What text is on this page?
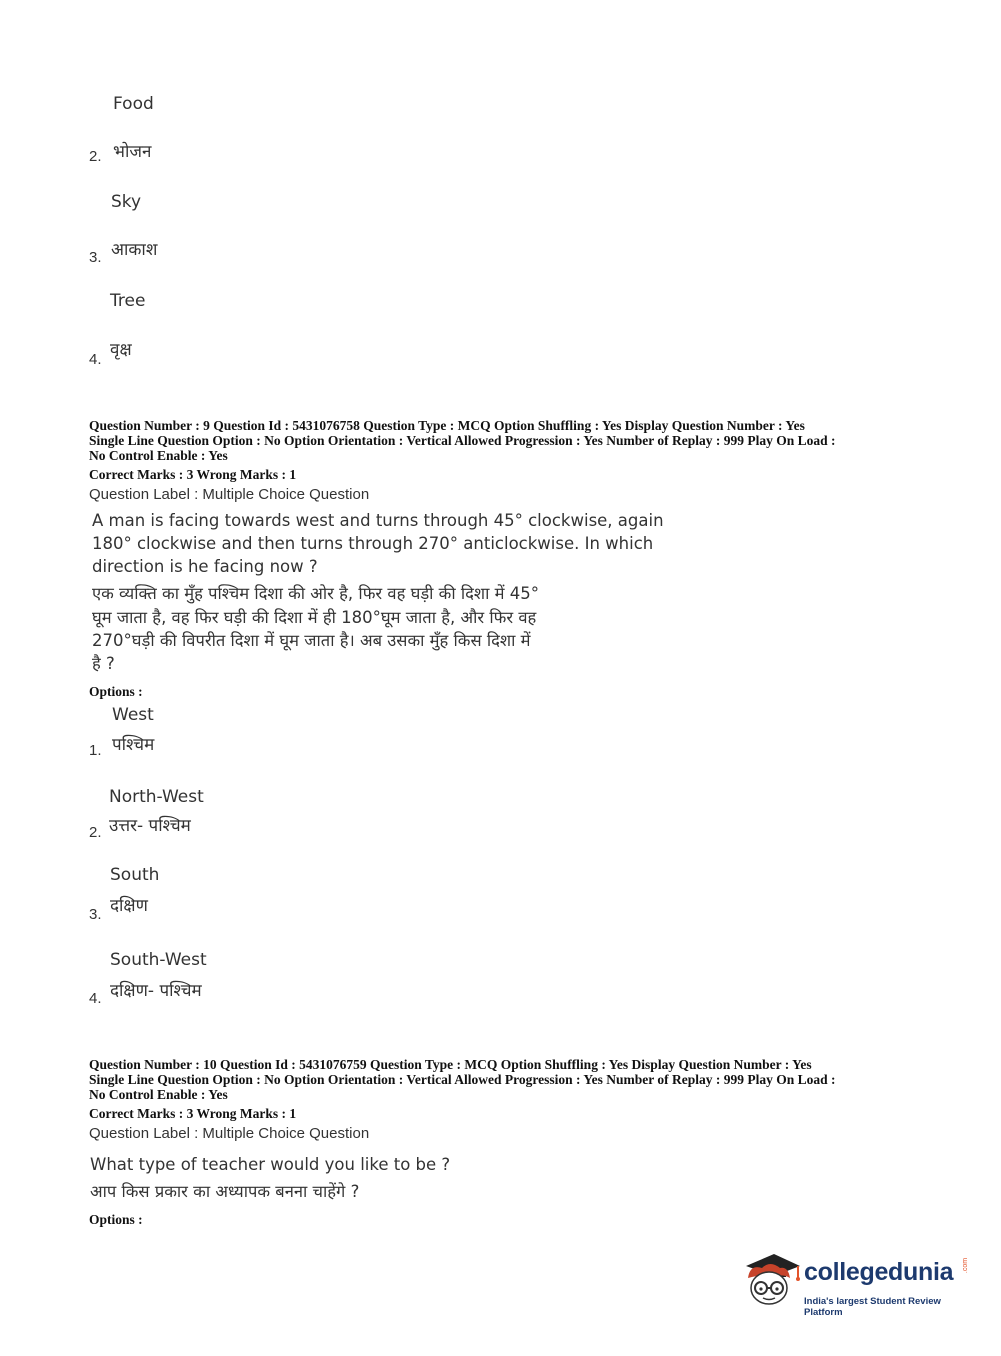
Food
2. भोजन
Sky
3. आकाश
Tree
4. वृक्ष
Question Number : 9 Question Id : 5431076758 Question Type : MCQ Option Shuffling : Yes Display Question Number : Yes
Single Line Question Option : No Option Orientation : Vertical Allowed Progression : Yes Number of Replay : 999 Play On Load :
No Control Enable : Yes
Correct Marks : 3 Wrong Marks : 1
Question Label : Multiple Choice Question
A man is facing towards west and turns through 45° clockwise, again
180° clockwise and then turns through 270° anticlockwise. In which
direction is he facing now ?
एक व्यक्ति का मुँह पश्चिम दिशा की ओर है, फिर वह घड़ी की दिशा में 45°
घूम जाता है, वह फिर घड़ी की दिशा में ही 180°घूम जाता है, और फिर वह
270°घड़ी की विपरीत दिशा में घूम जाता है। अब उसका मुँह किस दिशा में
है ?
Options :
West
1. पश्चिम
North-West
2. उत्तर- पश्चिम
South
3. दक्षिण
South-West
4. दक्षिण- पश्चिम
Question Number : 10 Question Id : 5431076759 Question Type : MCQ Option Shuffling : Yes Display Question Number : Yes
Single Line Question Option : No Option Orientation : Vertical Allowed Progression : Yes Number of Replay : 999 Play On Load :
No Control Enable : Yes
Correct Marks : 3 Wrong Marks : 1
Question Label : Multiple Choice Question
What type of teacher would you like to be ?
आप किस प्रकार का अध्यापक बनना चाहेंगे ?
Options :
collegedunia .com
India's largest Student Review Platform
